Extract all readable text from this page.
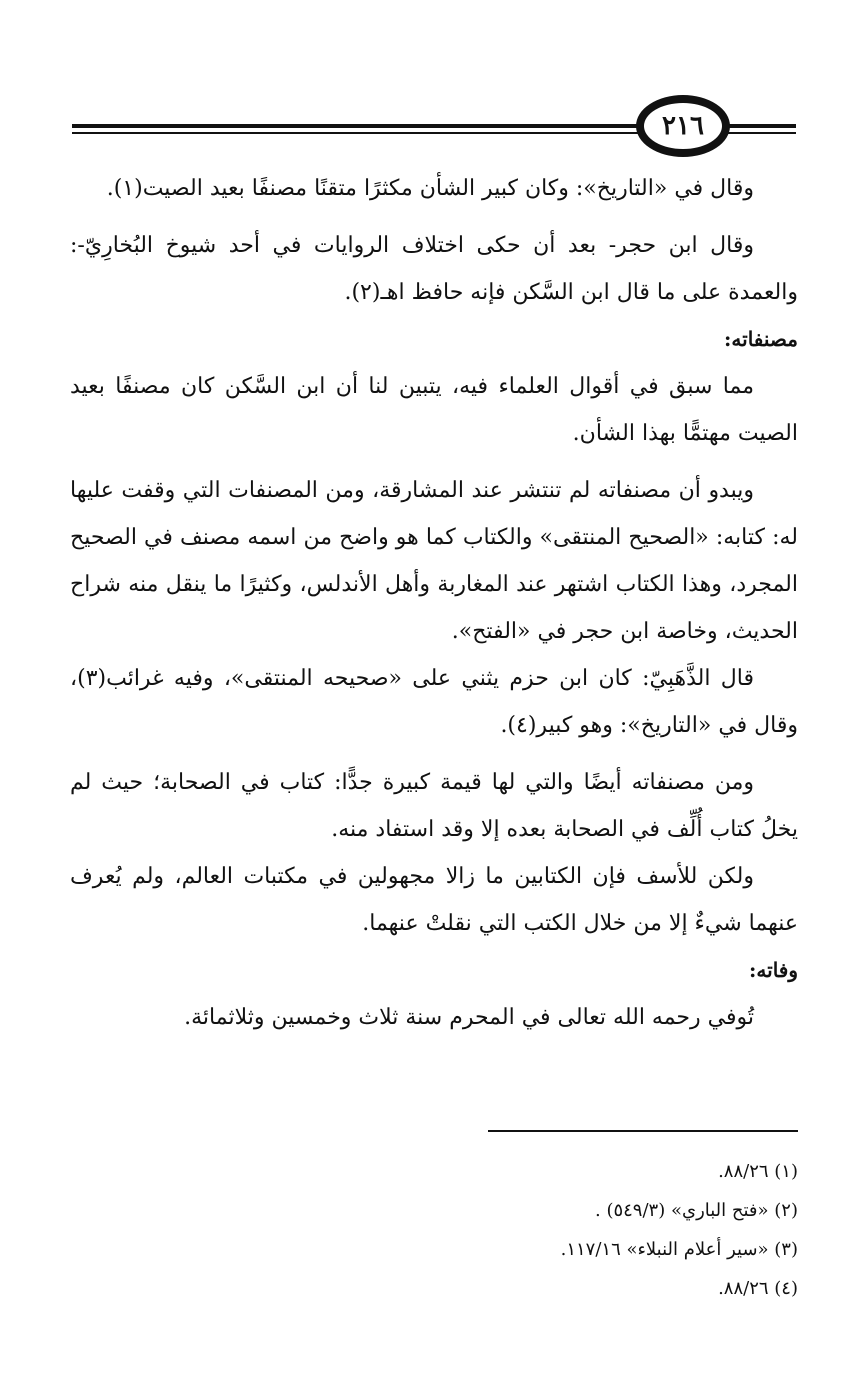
٢١٦

وقال في «التاريخ»: وكان كبير الشأن مكثرًا متقنًا مصنفًا بعيد الصيت(١).

وقال ابن حجر- بعد أن حكى اختلاف الروايات في أحد شيوخ البُخارِيّ-: والعمدة على ما قال ابن السَّكن فإنه حافظ اهـ(٢).

مصنفاته:

مما سبق في أقوال العلماء فيه، يتبين لنا أن ابن السَّكن كان مصنفًا بعيد الصيت مهتمًّا بهذا الشأن.

ويبدو أن مصنفاته لم تنتشر عند المشارقة، ومن المصنفات التي وقفت عليها له: كتابه: «الصحيح المنتقى» والكتاب كما هو واضح من اسمه مصنف في الصحيح المجرد، وهذا الكتاب اشتهر عند المغاربة وأهل الأندلس، وكثيرًا ما ينقل منه شراح الحديث، وخاصة ابن حجر في «الفتح».

قال الذَّهَبِيّ: كان ابن حزم يثني على «صحيحه المنتقى»، وفيه غرائب(٣)، وقال في «التاريخ»: وهو كبير(٤).

ومن مصنفاته أيضًا والتي لها قيمة كبيرة جدًّا: كتاب في الصحابة؛ حيث لم يخلُ كتاب أُلِّف في الصحابة بعده إلا وقد استفاد منه.

ولكن للأسف فإن الكتابين ما زالا مجهولين في مكتبات العالم، ولم يُعرف عنهما شيءٌ إلا من خلال الكتب التي نقلتْ عنهما.

وفاته:

تُوفي رحمه الله تعالى في المحرم سنة ثلاث وخمسين وثلاثمائة.

(١) ٨٨/٢٦.

(٢) «فتح الباري» (٥٤٩/٣) .

(٣) «سير أعلام النبلاء» ١١٧/١٦.

(٤) ٨٨/٢٦.
